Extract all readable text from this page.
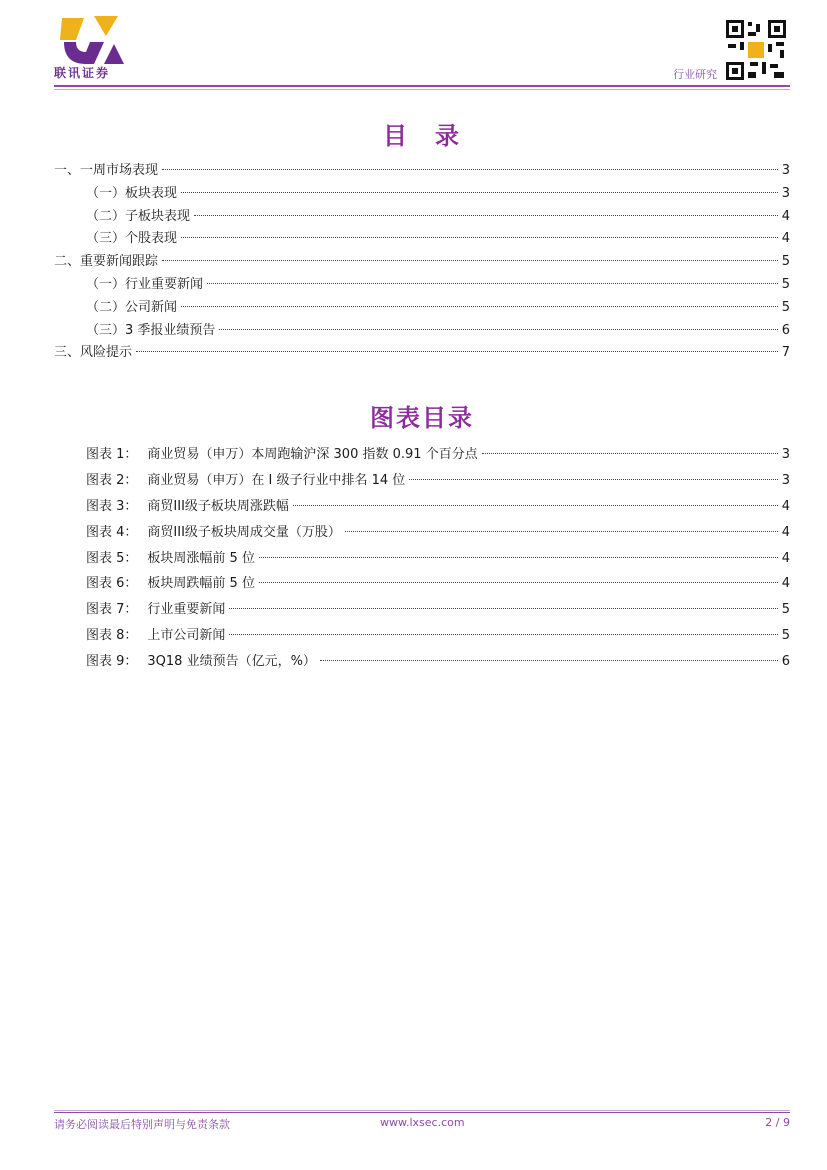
联讯证券	行业研究
目　录
一、一周市场表现	3
（一）板块表现	3
（二）子板块表现	4
（三）个股表现	4
二、重要新闻跟踪	5
（一）行业重要新闻	5
（二）公司新闻	5
（三）3 季报业绩预告	6
三、风险提示	7
图表目录
图表 1： 商业贸易（申万）本周跑输沪深 300 指数 0.91 个百分点	3
图表 2： 商业贸易（申万）在 I 级子行业中排名 14 位	3
图表 3： 商贸III级子板块周涨跌幅	4
图表 4： 商贸III级子板块周成交量（万股）	4
图表 5： 板块周涨幅前 5 位	4
图表 6： 板块周跌幅前 5 位	4
图表 7： 行业重要新闻	5
图表 8： 上市公司新闻	5
图表 9： 3Q18 业绩预告（亿元，%）	6
请务必阅读最后特别声明与免责条款	www.lxsec.com	2 / 9
